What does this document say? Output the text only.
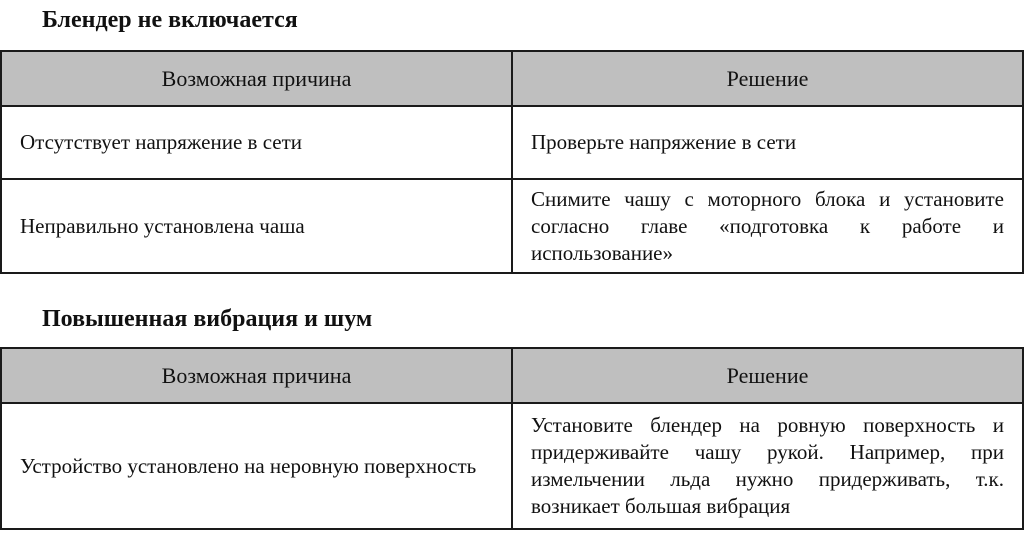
Блендер не включается
Возможная причина	Решение
Отсутствует напряжение в сети	Проверьте напряжение в сети
Неправильно установлена чаша	Снимите чашу с моторного блока и установите согласно главе «подготовка к работе и использование»
Повышенная вибрация и шум
Возможная причина	Решение
Устройство установлено на неровную поверхность	Установите блендер на ровную поверхность и придерживайте чашу рукой. Например, при измельчении льда нужно придерживать, т.к. возникает большая вибрация
